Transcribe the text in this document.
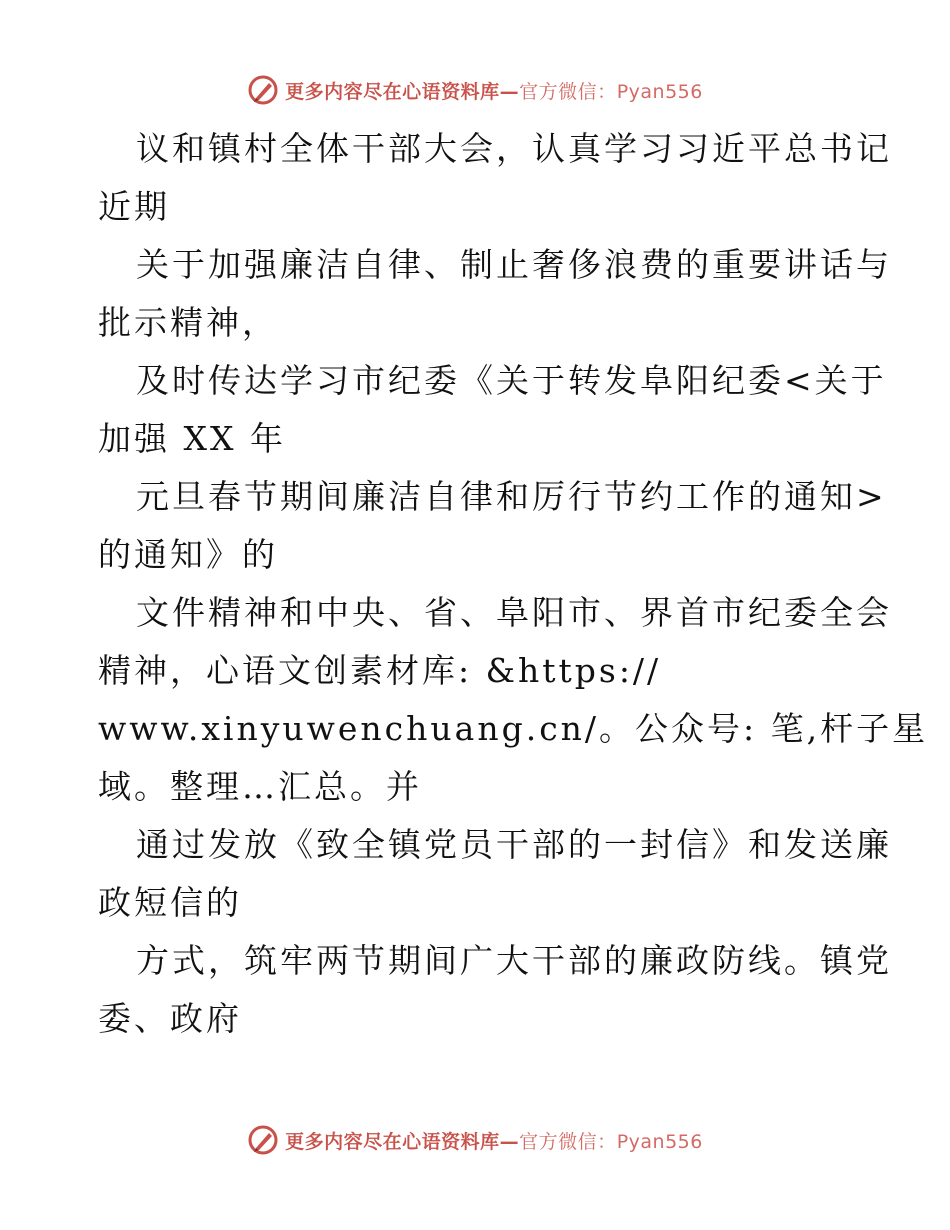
更多内容尽在心语资料库—官方微信：Pyan556

议和镇村全体干部大会，认真学习习近平总书记

近期

关于加强廉洁自律、制止奢侈浪费的重要讲话与

批示精神，

及时传达学习市纪委《关于转发阜阳纪委<关于

加强 XX 年

元旦春节期间廉洁自律和厉行节约工作的通知>

的通知》的

文件精神和中央、省、阜阳市、界首市纪委全会

精神，心语文创素材库: &https://

www.xinyuwenchuang.cn/。公众号: 笔,杆子星

域。整理…汇总。并

通过发放《致全镇党员干部的一封信》和发送廉

政短信的

方式，筑牢两节期间广大干部的廉政防线。镇党

委、政府

更多内容尽在心语资料库—官方微信：Pyan556
